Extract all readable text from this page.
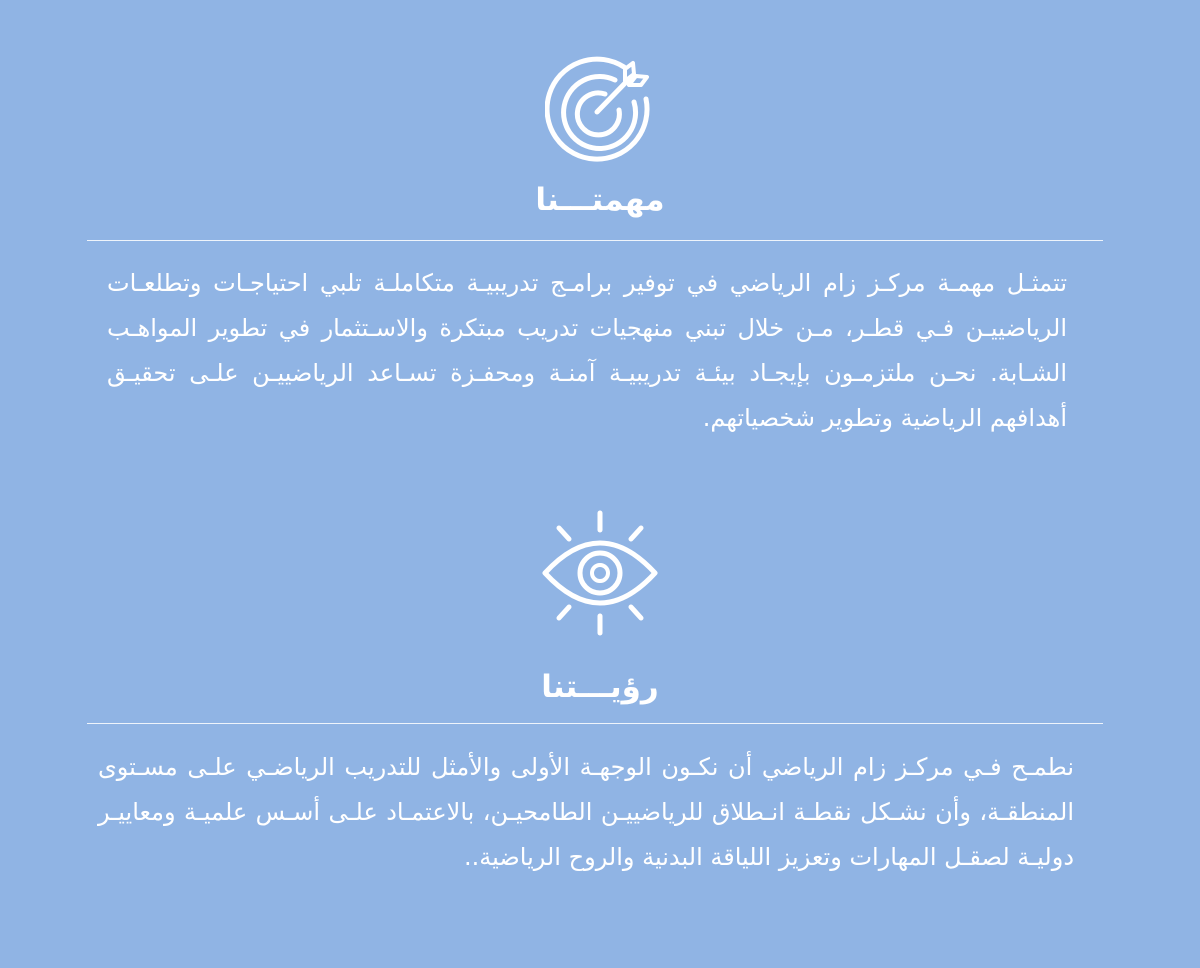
مهمتـــنا

تتمثـل مهمـة مركـز زام الرياضي في توفير برامـج تدريبيـة متكاملـة تلبي احتياجـات وتطلعـات الرياضييـن فـي قطـر، مـن خلال تبني منهجيات تدريب مبتكرة والاسـتثمار في تطوير المواهـب الشـابة. نحـن ملتزمـون بإيجـاد بيئـة تدريبيـة آمنـة ومحفـزة تسـاعد الرياضييـن علـى تحقيـق أهدافهم الرياضية وتطوير شخصياتهم.

رؤيـــتنا

نطمـح فـي مركـز زام الرياضي أن نكـون الوجهـة الأولى والأمثل للتدريب الرياضـي علـى مسـتوى المنطقـة، وأن نشـكل نقطـة انـطلاق للرياضييـن الطامحيـن، بالاعتمـاد علـى أسـس علميـة ومعاييـر دوليـة لصقـل المهارات وتعزيز اللياقة البدنية والروح الرياضية..
